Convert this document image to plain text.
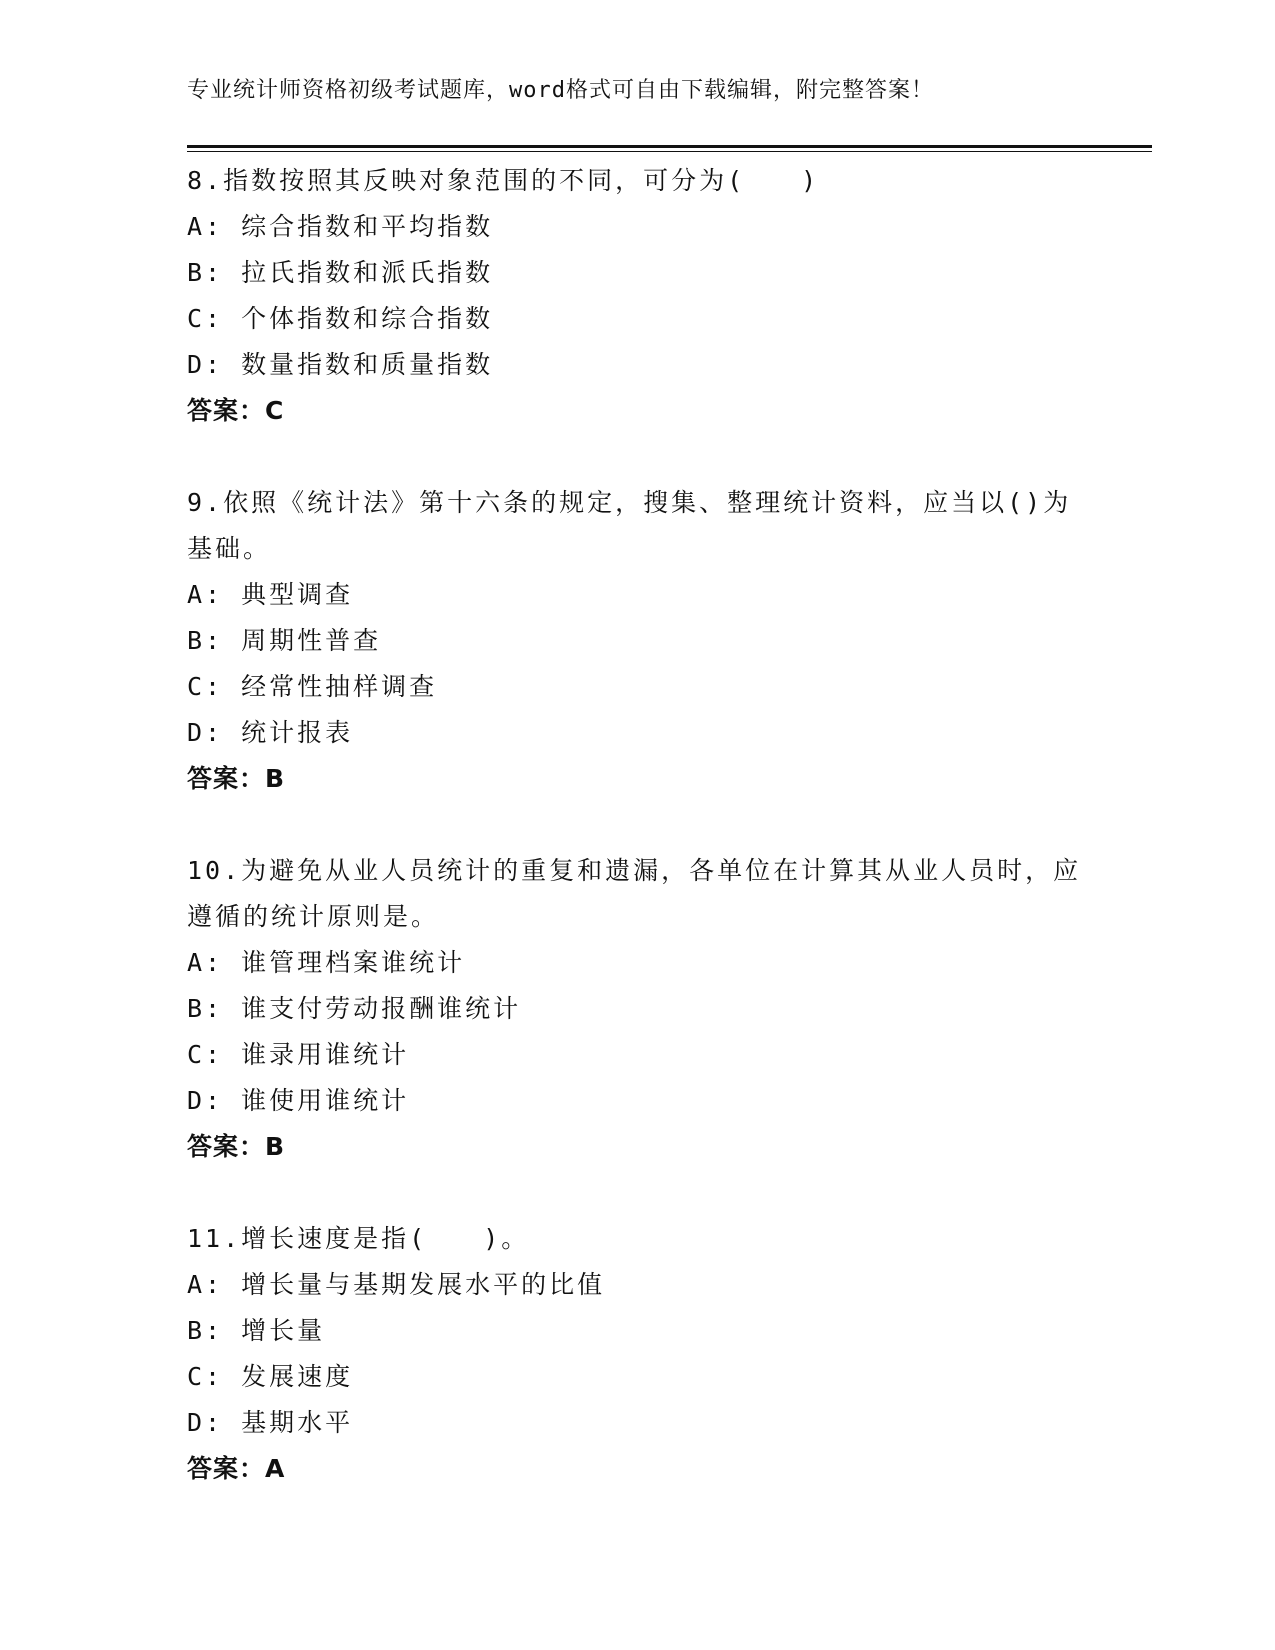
专业统计师资格初级考试题库，word格式可自由下载编辑，附完整答案！
8.指数按照其反映对象范围的不同，可分为(　　)
A: 综合指数和平均指数
B: 拉氏指数和派氏指数
C: 个体指数和综合指数
D: 数量指数和质量指数
答案：C
9.依照《统计法》第十六条的规定，搜集、整理统计资料，应当以()为基础。
A: 典型调查
B: 周期性普查
C: 经常性抽样调查
D: 统计报表
答案：B
10.为避免从业人员统计的重复和遗漏，各单位在计算其从业人员时，应遵循的统计原则是。
A: 谁管理档案谁统计
B: 谁支付劳动报酬谁统计
C: 谁录用谁统计
D: 谁使用谁统计
答案：B
11.增长速度是指(　　)。
A: 增长量与基期发展水平的比值
B: 增长量
C: 发展速度
D: 基期水平
答案：A
